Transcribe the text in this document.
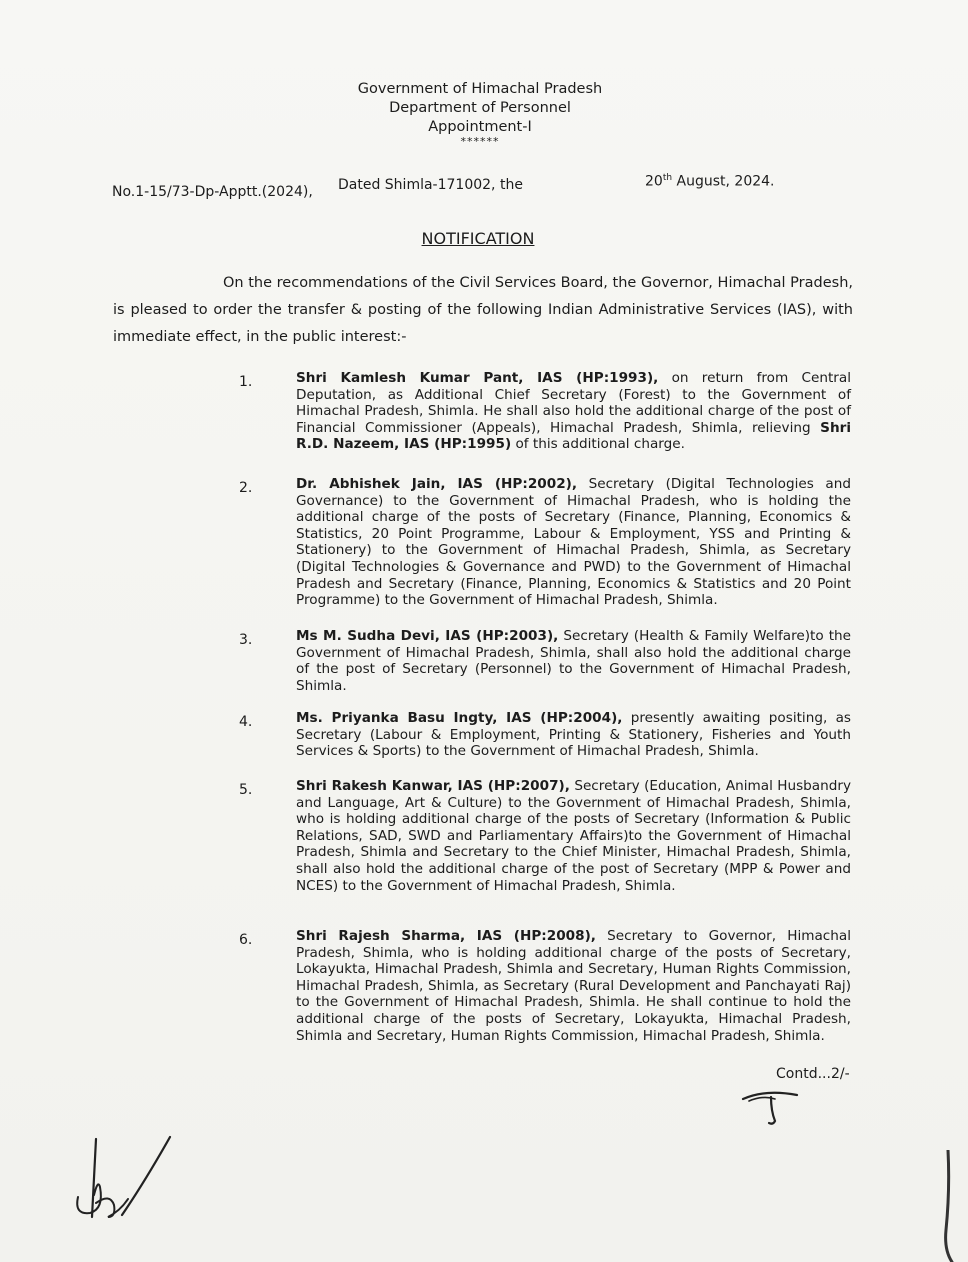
Government of Himachal Pradesh
Department of Personnel
Appointment-I
******
No.1-15/73-Dp-Apptt.(2024), Dated Shimla-171002, the	20th August, 2024.
NOTIFICATION
On the recommendations of the Civil Services Board, the Governor, Himachal Pradesh, is pleased to order the transfer & posting of the following Indian Administrative Services (IAS), with immediate effect, in the public interest:-
1.	Shri Kamlesh Kumar Pant, IAS (HP:1993), on return from Central Deputation, as Additional Chief Secretary (Forest) to the Government of Himachal Pradesh, Shimla. He shall also hold the additional charge of the post of Financial Commissioner (Appeals), Himachal Pradesh, Shimla, relieving Shri R.D. Nazeem, IAS (HP:1995) of this additional charge.
2.	Dr. Abhishek Jain, IAS (HP:2002), Secretary (Digital Technologies and Governance) to the Government of Himachal Pradesh, who is holding the additional charge of the posts of Secretary (Finance, Planning, Economics & Statistics, 20 Point Programme, Labour & Employment, YSS and Printing & Stationery) to the Government of Himachal Pradesh, Shimla, as Secretary (Digital Technologies & Governance and PWD) to the Government of Himachal Pradesh and Secretary (Finance, Planning, Economics & Statistics and 20 Point Programme) to the Government of Himachal Pradesh, Shimla.
3.	Ms M. Sudha Devi, IAS (HP:2003), Secretary (Health & Family Welfare)to the Government of Himachal Pradesh, Shimla, shall also hold the additional charge of the post of Secretary (Personnel) to the Government of Himachal Pradesh, Shimla.
4.	Ms. Priyanka Basu Ingty, IAS (HP:2004), presently awaiting positing, as Secretary (Labour & Employment, Printing & Stationery, Fisheries and Youth Services & Sports) to the Government of Himachal Pradesh, Shimla.
5.	Shri Rakesh Kanwar, IAS (HP:2007), Secretary (Education, Animal Husbandry and Language, Art & Culture) to the Government of Himachal Pradesh, Shimla, who is holding additional charge of the posts of Secretary (Information & Public Relations, SAD, SWD and Parliamentary Affairs)to the Government of Himachal Pradesh, Shimla and Secretary to the Chief Minister, Himachal Pradesh, Shimla, shall also hold the additional charge of the post of Secretary (MPP & Power and NCES) to the Government of Himachal Pradesh, Shimla.
6.	Shri Rajesh Sharma, IAS (HP:2008), Secretary to Governor, Himachal Pradesh, Shimla, who is holding additional charge of the posts of Secretary, Lokayukta, Himachal Pradesh, Shimla and Secretary, Human Rights Commission, Himachal Pradesh, Shimla, as Secretary (Rural Development and Panchayati Raj) to the Government of Himachal Pradesh, Shimla. He shall continue to hold the additional charge of the posts of Secretary, Lokayukta, Himachal Pradesh, Shimla and Secretary, Human Rights Commission, Himachal Pradesh, Shimla.
Contd...2/-
